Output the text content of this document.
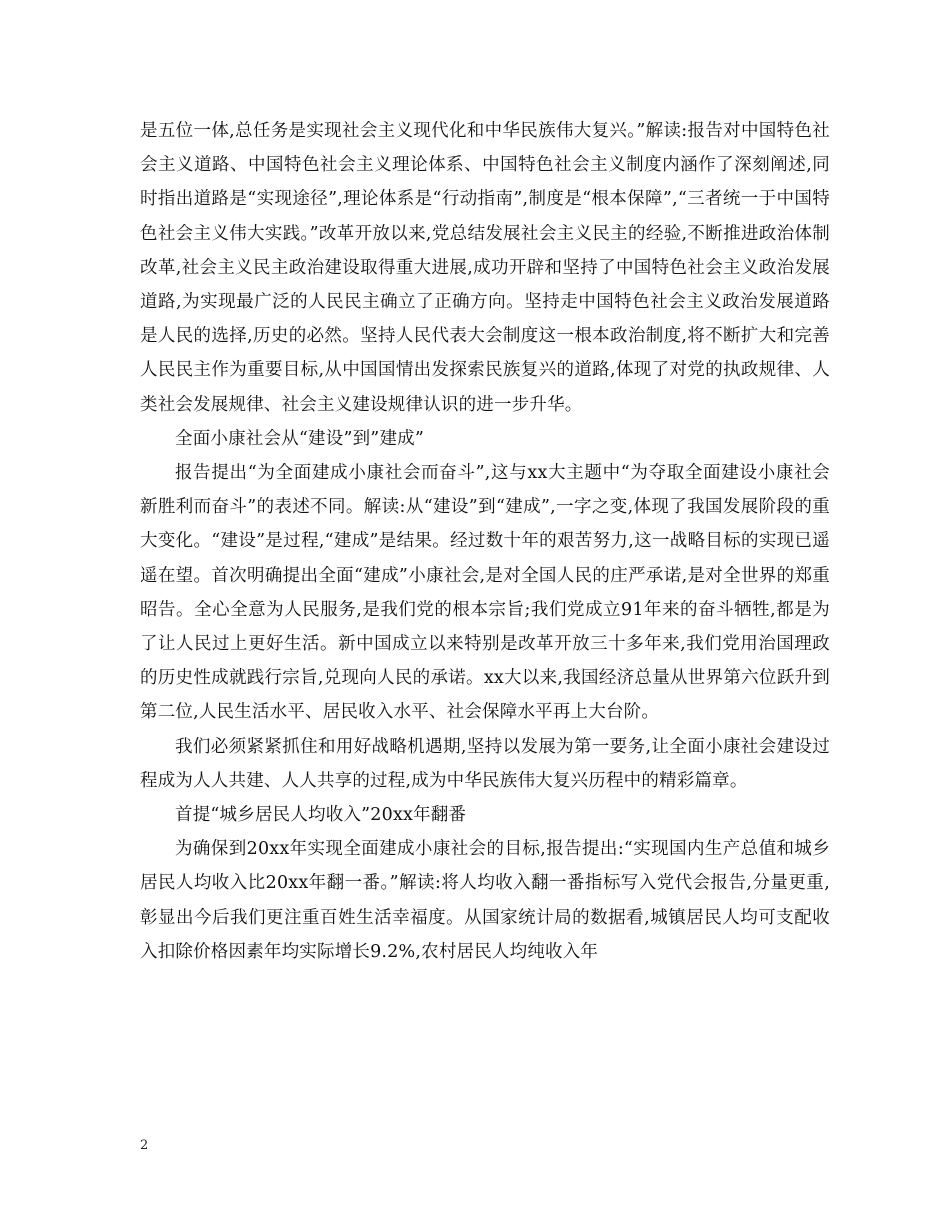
是五位一体,总任务是实现社会主义现代化和中华民族伟大复兴。”解读:报告对中国特色社会主义道路、中国特色社会主义理论体系、中国特色社会主义制度内涵作了深刻阐述,同时指出道路是“实现途径”,理论体系是“行动指南”,制度是“根本保障”,“三者统一于中国特色社会主义伟大实践。”改革开放以来,党总结发展社会主义民主的经验,不断推进政治体制改革,社会主义民主政治建设取得重大进展,成功开辟和坚持了中国特色社会主义政治发展道路,为实现最广泛的人民民主确立了正确方向。坚持走中国特色社会主义政治发展道路是人民的选择,历史的必然。坚持人民代表大会制度这一根本政治制度,将不断扩大和完善人民民主作为重要目标,从中国国情出发探索民族复兴的道路,体现了对党的执政规律、人类社会发展规律、社会主义建设规律认识的进一步升华。

全面小康社会从“建设”到”建成”

报告提出“为全面建成小康社会而奋斗”,这与xx大主题中“为夺取全面建设小康社会新胜利而奋斗”的表述不同。解读:从“建设”到“建成”,一字之变,体现了我国发展阶段的重大变化。“建设”是过程,“建成”是结果。经过数十年的艰苦努力,这一战略目标的实现已遥遥在望。首次明确提出全面“建成”小康社会,是对全国人民的庄严承诺,是对全世界的郑重昭告。全心全意为人民服务,是我们党的根本宗旨;我们党成立91年来的奋斗牺牲,都是为了让人民过上更好生活。新中国成立以来特别是改革开放三十多年来,我们党用治国理政的历史性成就践行宗旨,兑现向人民的承诺。xx大以来,我国经济总量从世界第六位跃升到第二位,人民生活水平、居民收入水平、社会保障水平再上大台阶。

我们必须紧紧抓住和用好战略机遇期,坚持以发展为第一要务,让全面小康社会建设过程成为人人共建、人人共享的过程,成为中华民族伟大复兴历程中的精彩篇章。

首提“城乡居民人均收入”20xx年翻番

为确保到20xx年实现全面建成小康社会的目标,报告提出:“实现国内生产总值和城乡居民人均收入比20xx年翻一番。”解读:将人均收入翻一番指标写入党代会报告,分量更重,彰显出今后我们更注重百姓生活幸福度。从国家统计局的数据看,城镇居民人均可支配收入扣除价格因素年均实际增长9.2%,农村居民人均纯收入年

2
